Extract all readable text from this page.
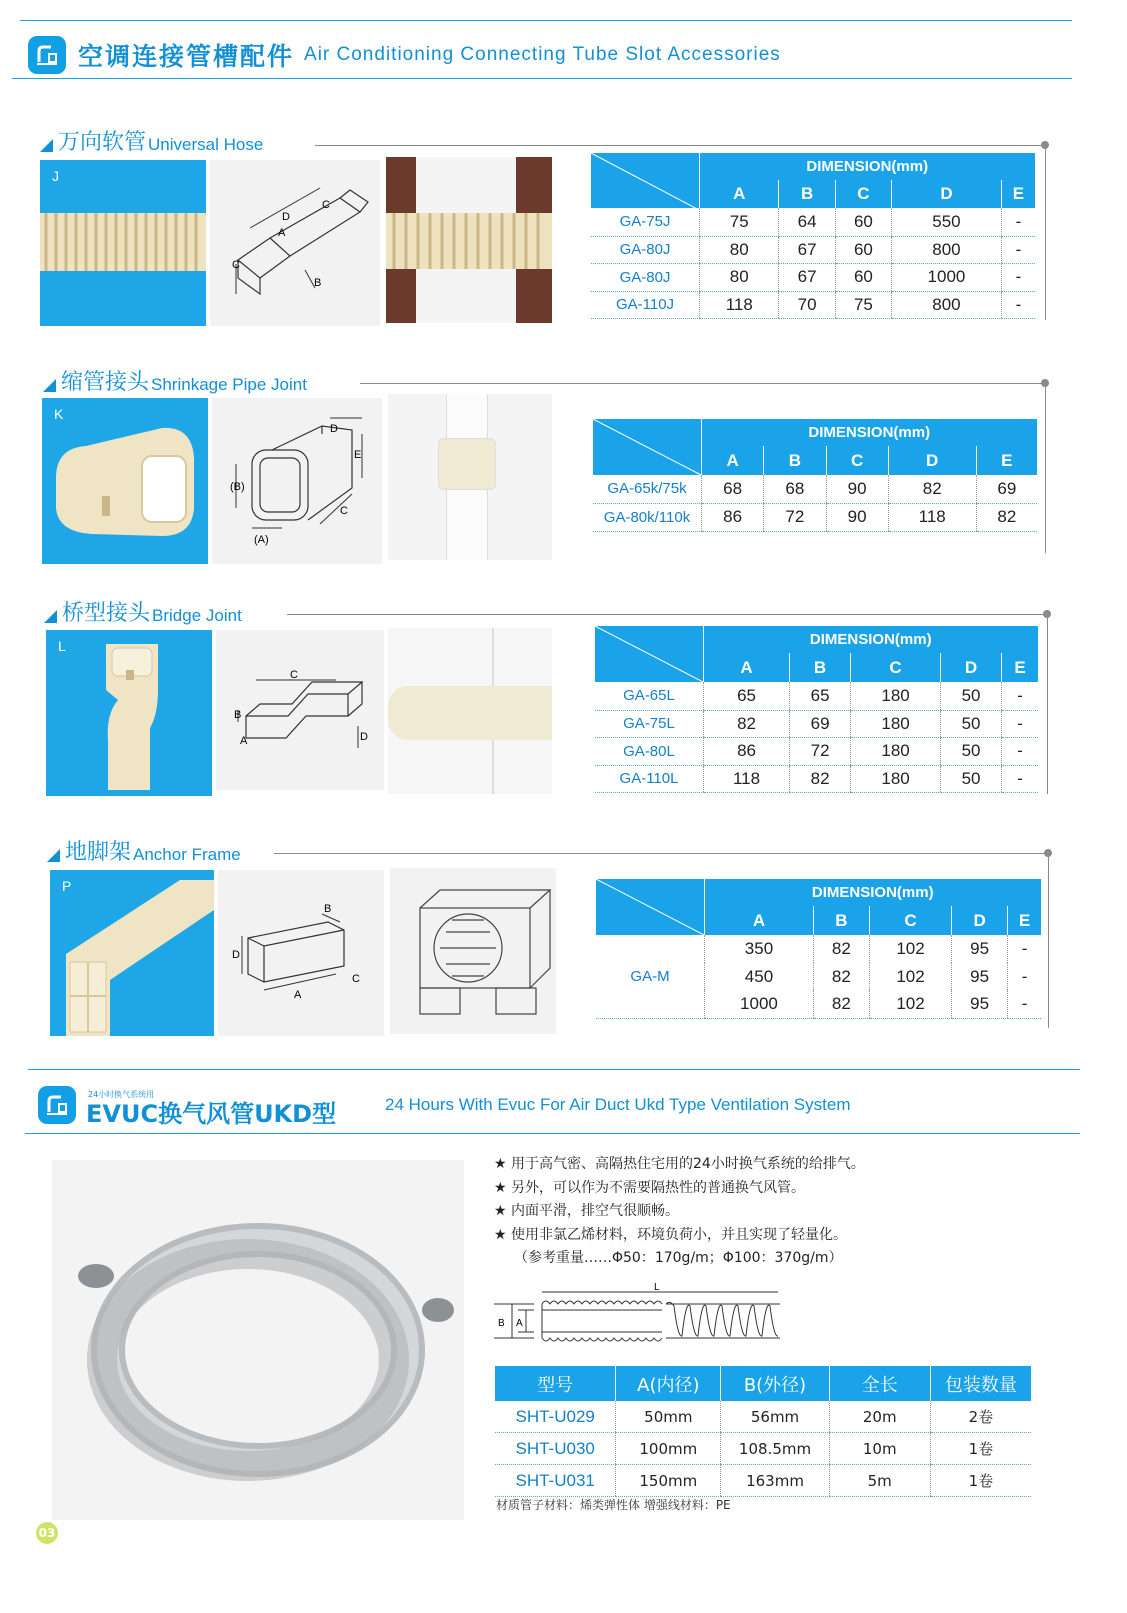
空调连接管槽配件 Air Conditioning Connecting Tube Slot Accessories
万向软管 Universal Hose
J
D
C
A
C
B
	DIMENSION(mm)				
	A	B	C	D	E
GA-75J	75	64	60	550	-
GA-80J	80	67	60	800	-
GA-80J	80	67	60	1000	-
GA-110J	118	70	75	800	-
缩管接头 Shrinkage Pipe Joint
K
D
E
(B)
(A)
C
	DIMENSION(mm)				
	A	B	C	D	E
GA-65k/75k	68	68	90	82	69
GA-80k/110k	86	72	90	118	82
桥型接头 Bridge Joint
L
C
B
A	D
	DIMENSION(mm)				
	A	B	C	D	E
GA-65L	65	65	180	50	-
GA-75L	82	69	180	50	-
GA-80L	86	72	180	50	-
GA-110L	118	82	180	50	-
地脚架 Anchor Frame
P
D
B
A
C
	DIMENSION(mm)				
	A	B	C	D	E
GA-M	350	82	102	95	-
	450	82	102	95	-
	1000	82	102	95	-
24小时换气系统用
EVUC换气风管UKD型	24 Hours With Evuc For Air Duct Ukd Type Ventilation System
★ 用于高气密、高隔热住宅用的24小时换气系统的给排气。
★ 另外，可以作为不需要隔热性的普通换气风管。
★ 内面平滑，排空气很顺畅。
★ 使用非氯乙烯材料，环境负荷小，并且实现了轻量化。
（参考重量……Φ50：170g/m；Φ100：370g/m）
B A
L
型号	A(内径)	B(外径)	全长	包装数量
SHT-U029	50mm	56mm	20m	2卷
SHT-U030	100mm	108.5mm	10m	1卷
SHT-U031	150mm	163mm	5m	1卷
材质管子材料：烯类弹性体 增强线材料：PE
03
